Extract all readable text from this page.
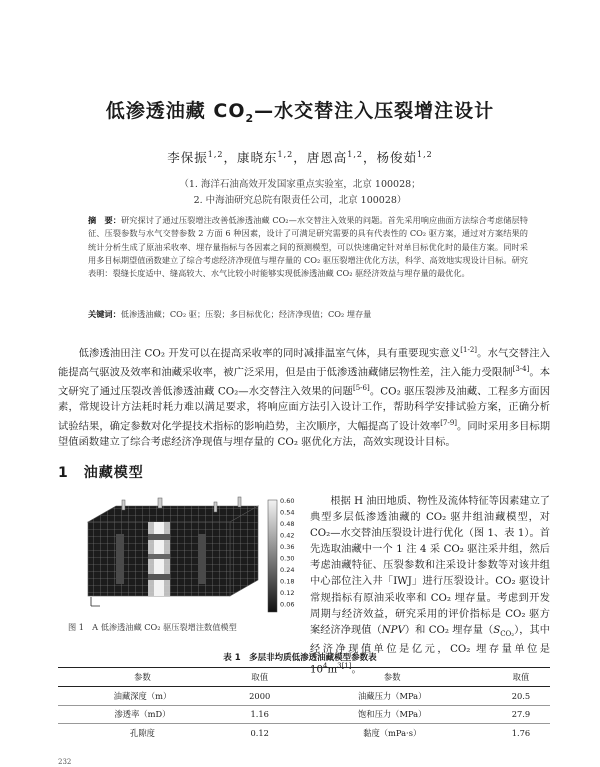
低渗透油藏 $CO_2—$水交替注入压裂增注设计
李保振$^{1,2}$，康晓东$^{1,2}$，唐恩高$^{1,2}$，杨俊茹$^{1,2}$
（1. 海洋石油高效开发国家重点实验室，北京 100028；
2. 中海油研究总院有限责任公司，北京 100028）
摘　要：研究探讨了通过压裂增注改善低渗透油藏 CO₂—水交替注入效果的问题。首先采用响应曲面方法综合考虑储层特征、压裂参数与水气交替参数 2 方面 6 种因素，设计了可满足研究需要的具有代表性的 CO₂ 驱方案，通过对方案结果的统计分析生成了原油采收率、埋存量指标与各因素之间的预测模型，可以快速确定针对单目标优化时的最佳方案。同时采用多目标期望值函数建立了综合考虑经济净现值与埋存量的 CO₂ 驱压裂增注优化方法，科学、高效地实现设计目标。研究表明：裂缝长度适中、缝高较大、水气比较小时能够实现低渗透油藏 CO₂ 驱经济效益与埋存量的最优化。
关键词：低渗透油藏；CO₂ 驱；压裂；多目标优化；经济净现值；CO₂ 埋存量
低渗透油田注 CO₂ 开发可以在提高采收率的同时减排温室气体，具有重要现实意义[1-2]。水气交替注入能提高气驱波及效率和油藏采收率，被广泛采用，但是由于低渗透油藏储层物性差，注入能力受限制[3-4]。本文研究了通过压裂改善低渗透油藏 CO₂—水交替注入效果的问题[5-6]。CO₂ 驱压裂涉及油藏、工程多方面因素，常规设计方法耗时耗力难以满足要求，将响应面方法引入设计工作，帮助科学安排试验方案，正确分析试验结果，确定参数对化学提技术指标的影响趋势，主次顺序，大幅提高了设计效率[7-9]。同时采用多目标期望值函数建立了综合考虑经济净现值与埋存量的 CO₂ 驱优化方法，高效实现设计目标。
1　油藏模型
0.60
0.54
0.48
0.42
0.36
0.30
0.24
0.18
0.12
0.06
图 1　A 低渗透油藏 CO₂ 驱压裂增注数值模型
根据 H 油田地质、物性及流体特征等因素建立了典型多层低渗透油藏的 CO₂ 驱井组油藏模型，对 CO₂—水交替油压裂设计进行优化（图 1、表 1）。首先选取油藏中一个 1 注 4 采 CO₂ 驱注采井组，然后考虑油藏特征、压裂参数和注采设计参数等对该井组中心部位注入井「IWJ」进行压裂设计。CO₂ 驱设计常规指标有原油采收率和 CO₂ 埋存量。考虑到开发周期与经济效益，研究采用的评价指标是 CO₂ 驱方案经济净现值（NPV）和 CO₂ 埋存量$(S_{CO_2})$，其中经济净现值单位是亿元，CO₂ 埋存量单位是 $10^4m^{3[1]}$。
表 1　多层非均质低渗透油藏模型参数表
参数	取值	参数	取值
油藏深度（m）	2000	油藏压力（MPa）	20.5
渗透率（mD）	1.16	饱和压力（MPa）	27.9
孔隙度	0.12	黏度（mPa·s）	1.76
232
